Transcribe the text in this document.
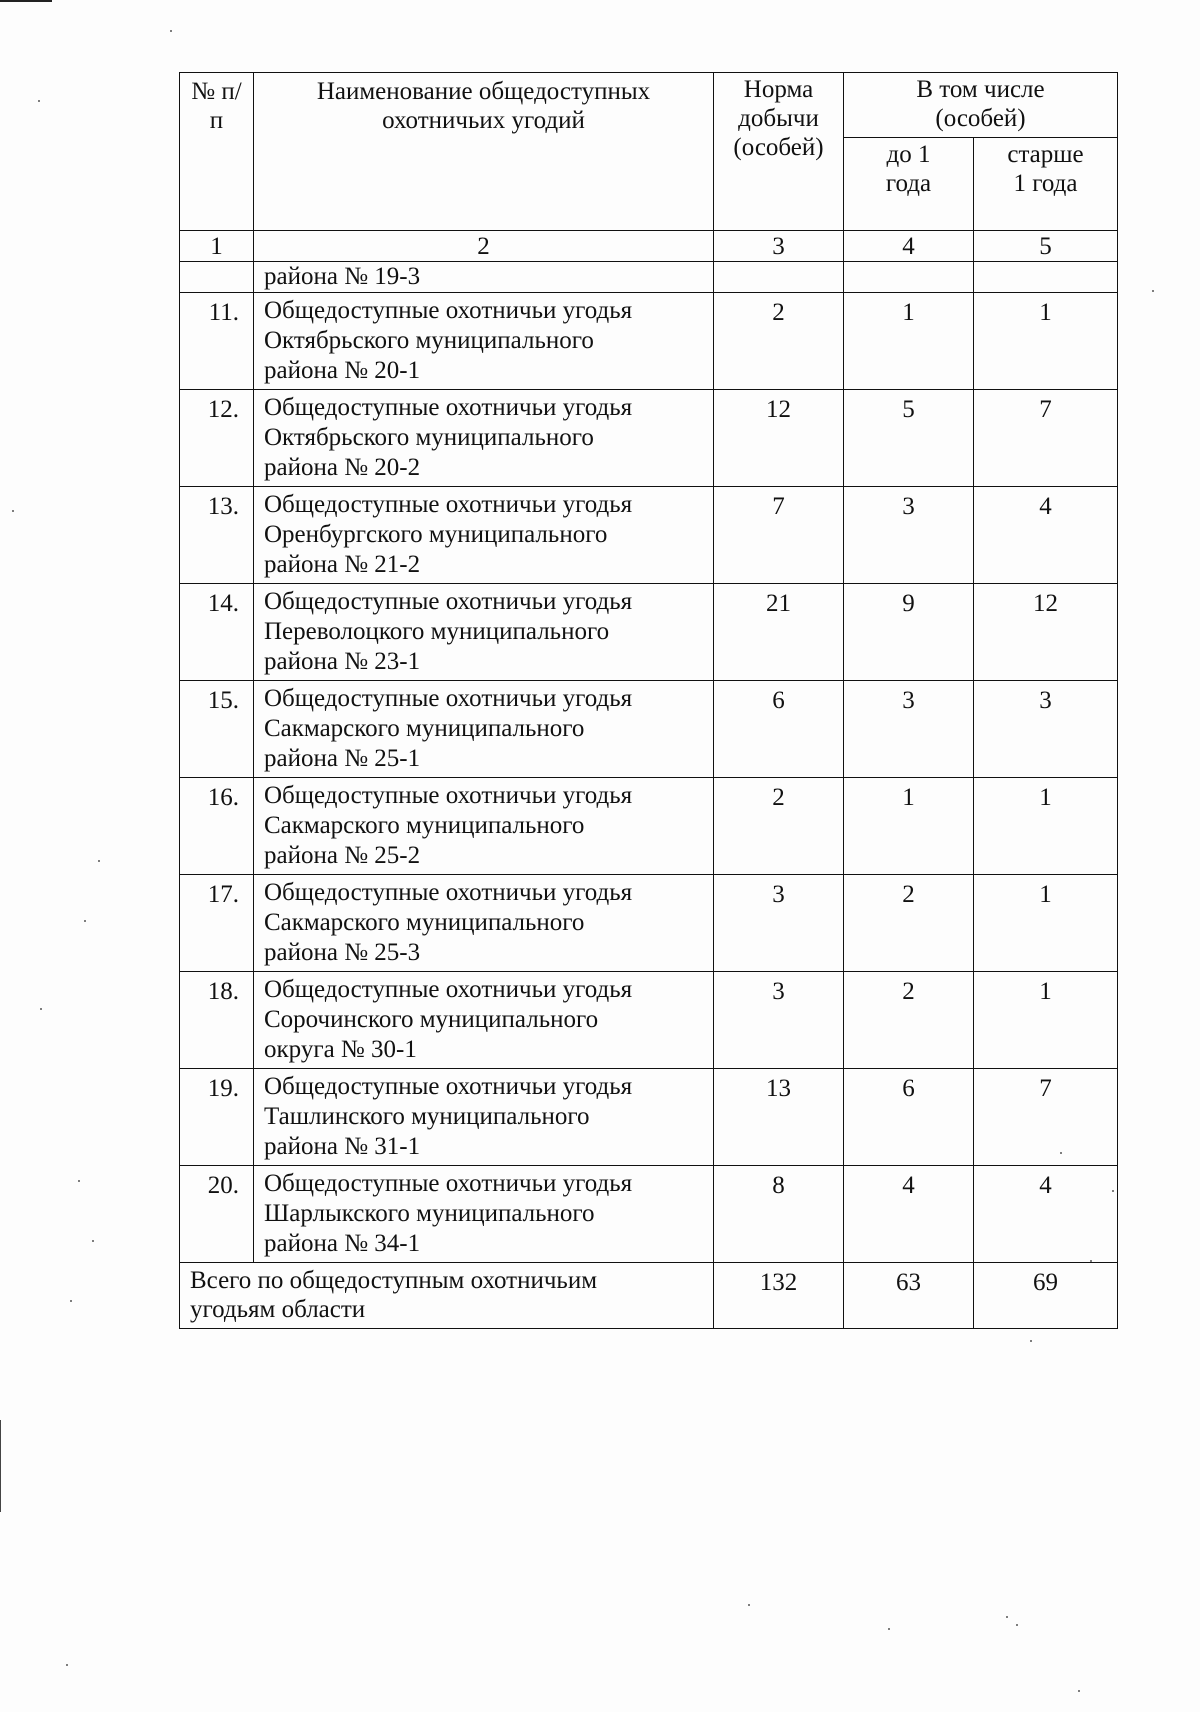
№ п/п	Наименование общедоступных охотничьих угодий	Норма добычи (особей)	В том числе (особей)	
			до 1 года	старше 1 года
1	2	3	4	5
	района № 19-3			
11.	Общедоступные охотничьи угодья
Октябрьского муниципального
района № 20-1	2	1	1
12.	Общедоступные охотничьи угодья
Октябрьского муниципального
района № 20-2	12	5	7
13.	Общедоступные охотничьи угодья
Оренбургского муниципального
района № 21-2	7	3	4
14.	Общедоступные охотничьи угодья
Переволоцкого муниципального
района № 23-1	21	9	12
15.	Общедоступные охотничьи угодья
Сакмарского муниципального
района № 25-1	6	3	3
16.	Общедоступные охотничьи угодья
Сакмарского муниципального
района № 25-2	2	1	1
17.	Общедоступные охотничьи угодья
Сакмарского муниципального
района № 25-3	3	2	1
18.	Общедоступные охотничьи угодья
Сорочинского муниципального
округа № 30-1	3	2	1
19.	Общедоступные охотничьи угодья
Ташлинского муниципального
района № 31-1	13	6	7
20.	Общедоступные охотничьи угодья
Шарлыкского муниципального
района № 34-1	8	4	4

Всего по общедоступным охотничьим
угодьям области		132	63	69
